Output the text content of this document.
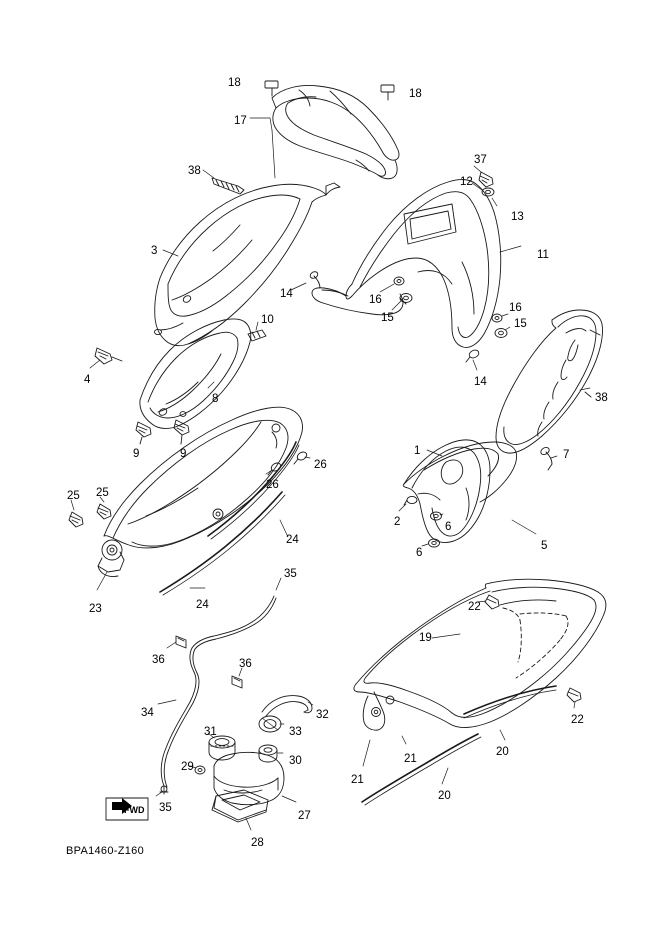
18
18
17
38
37
12
13
11
3
14	16
15
16
15
10
4
8
14
38
9	9	1	7
26
26
25 25
2	6
6
5
24
23	24
35
22
19
36	36
22
34
31
32
33
30
29
20
21
21
20
35
27
28
FWD
BPA1460-Z160
